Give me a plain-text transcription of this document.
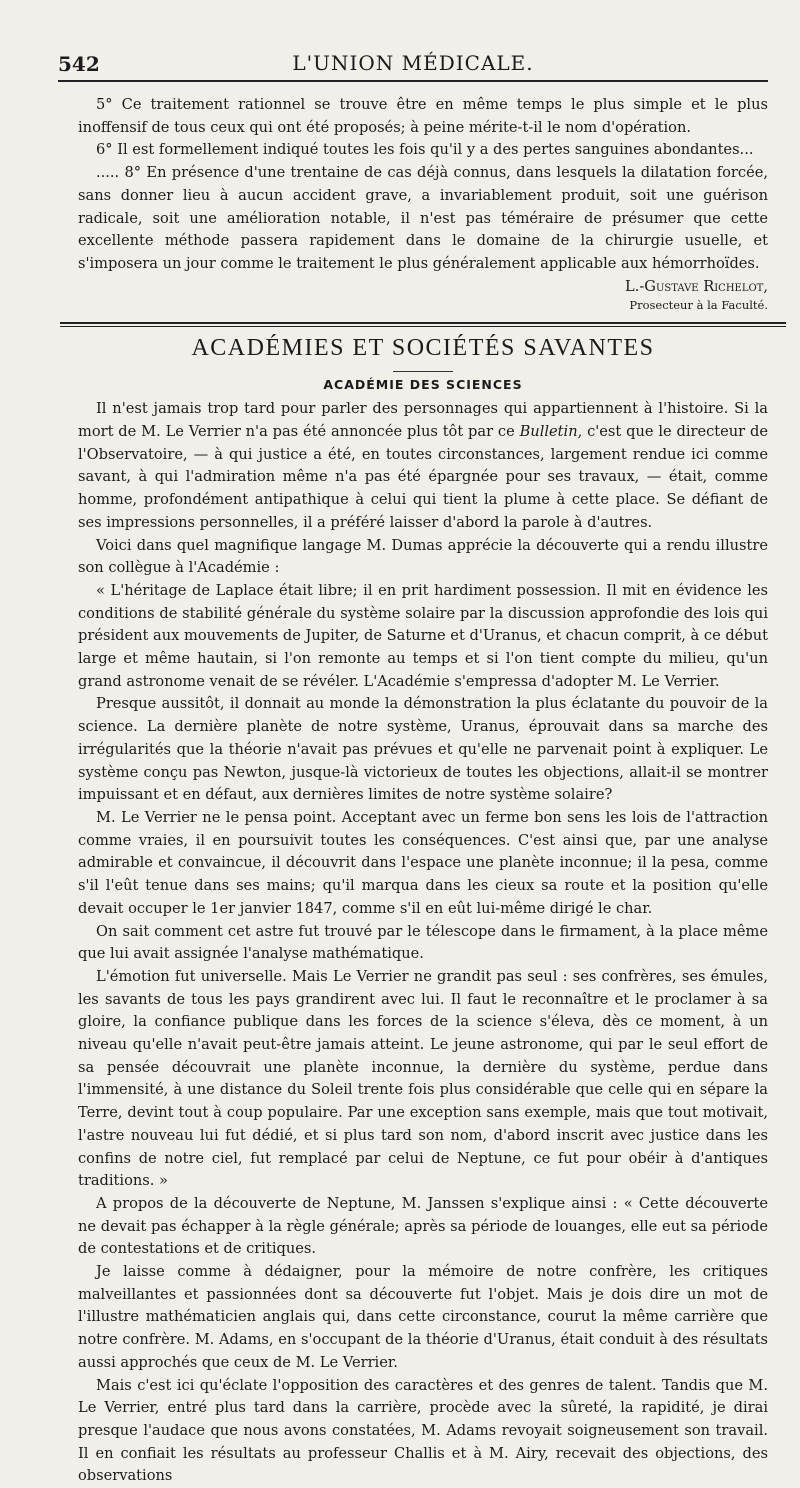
542	L'UNION MÉDICALE.

5° Ce traitement rationnel se trouve être en même temps le plus simple et le plus inoffensif de tous ceux qui ont été proposés; à peine mérite-t-il le nom d'opération.

6° Il est formellement indiqué toutes les fois qu'il y a des pertes sanguines abondantes...

..... 8° En présence d'une trentaine de cas déjà connus, dans lesquels la dilatation forcée, sans donner lieu à aucun accident grave, a invariablement produit, soit une guérison radicale, soit une amélioration notable, il n'est pas téméraire de présumer que cette excellente méthode passera rapidement dans le domaine de la chirurgie usuelle, et s'imposera un jour comme le traitement le plus généralement applicable aux hémorrhoïdes.

L.-Gustave Richelot,
Prosecteur à la Faculté.
ACADÉMIES ET SOCIÉTÉS SAVANTES
ACADÉMIE DES SCIENCES

Il n'est jamais trop tard pour parler des personnages qui appartiennent à l'histoire. Si la mort de M. Le Verrier n'a pas été annoncée plus tôt par ce Bulletin, c'est que le directeur de l'Observatoire, — à qui justice a été, en toutes circonstances, largement rendue ici comme savant, à qui l'admiration même n'a pas été épargnée pour ses travaux, — était, comme homme, profondément antipathique à celui qui tient la plume à cette place. Se défiant de ses impressions personnelles, il a préféré laisser d'abord la parole à d'autres.

Voici dans quel magnifique langage M. Dumas apprécie la découverte qui a rendu illustre son collègue à l'Académie :

« L'héritage de Laplace était libre; il en prit hardiment possession. Il mit en évidence les conditions de stabilité générale du système solaire par la discussion approfondie des lois qui président aux mouvements de Jupiter, de Saturne et d'Uranus, et chacun comprit, à ce début large et même hautain, si l'on remonte au temps et si l'on tient compte du milieu, qu'un grand astronome venait de se révéler. L'Académie s'empressa d'adopter M. Le Verrier.

Presque aussitôt, il donnait au monde la démonstration la plus éclatante du pouvoir de la science. La dernière planète de notre système, Uranus, éprouvait dans sa marche des irrégularités que la théorie n'avait pas prévues et qu'elle ne parvenait point à expliquer. Le système conçu pas Newton, jusque-là victorieux de toutes les objections, allait-il se montrer impuissant et en défaut, aux dernières limites de notre système solaire?

M. Le Verrier ne le pensa point. Acceptant avec un ferme bon sens les lois de l'attraction comme vraies, il en poursuivit toutes les conséquences. C'est ainsi que, par une analyse admirable et convaincue, il découvrit dans l'espace une planète inconnue; il la pesa, comme s'il l'eût tenue dans ses mains; qu'il marqua dans les cieux sa route et la position qu'elle devait occuper le 1er janvier 1847, comme s'il en eût lui-même dirigé le char.

On sait comment cet astre fut trouvé par le télescope dans le firmament, à la place même que lui avait assignée l'analyse mathématique.

L'émotion fut universelle. Mais Le Verrier ne grandit pas seul : ses confrères, ses émules, les savants de tous les pays grandirent avec lui. Il faut le reconnaître et le proclamer à sa gloire, la confiance publique dans les forces de la science s'éleva, dès ce moment, à un niveau qu'elle n'avait peut-être jamais atteint. Le jeune astronome, qui par le seul effort de sa pensée découvrait une planète inconnue, la dernière du système, perdue dans l'immensité, à une distance du Soleil trente fois plus considérable que celle qui en sépare la Terre, devint tout à coup populaire. Par une exception sans exemple, mais que tout motivait, l'astre nouveau lui fut dédié, et si plus tard son nom, d'abord inscrit avec justice dans les confins de notre ciel, fut remplacé par celui de Neptune, ce fut pour obéir à d'antiques traditions. »

A propos de la découverte de Neptune, M. Janssen s'explique ainsi : « Cette découverte ne devait pas échapper à la règle générale; après sa période de louanges, elle eut sa période de contestations et de critiques.

Je laisse comme à dédaigner, pour la mémoire de notre confrère, les critiques malveillantes et passionnées dont sa découverte fut l'objet. Mais je dois dire un mot de l'illustre mathématicien anglais qui, dans cette circonstance, courut la même carrière que notre confrère. M. Adams, en s'occupant de la théorie d'Uranus, était conduit à des résultats aussi approchés que ceux de M. Le Verrier.

Mais c'est ici qu'éclate l'opposition des caractères et des genres de talent. Tandis que M. Le Verrier, entré plus tard dans la carrière, procède avec la sûreté, la rapidité, je dirai presque l'audace que nous avons constatées, M. Adams revoyait soigneusement son travail. Il en confiait les résultats au professeur Challis et à M. Airy, recevait des objections, des observations
